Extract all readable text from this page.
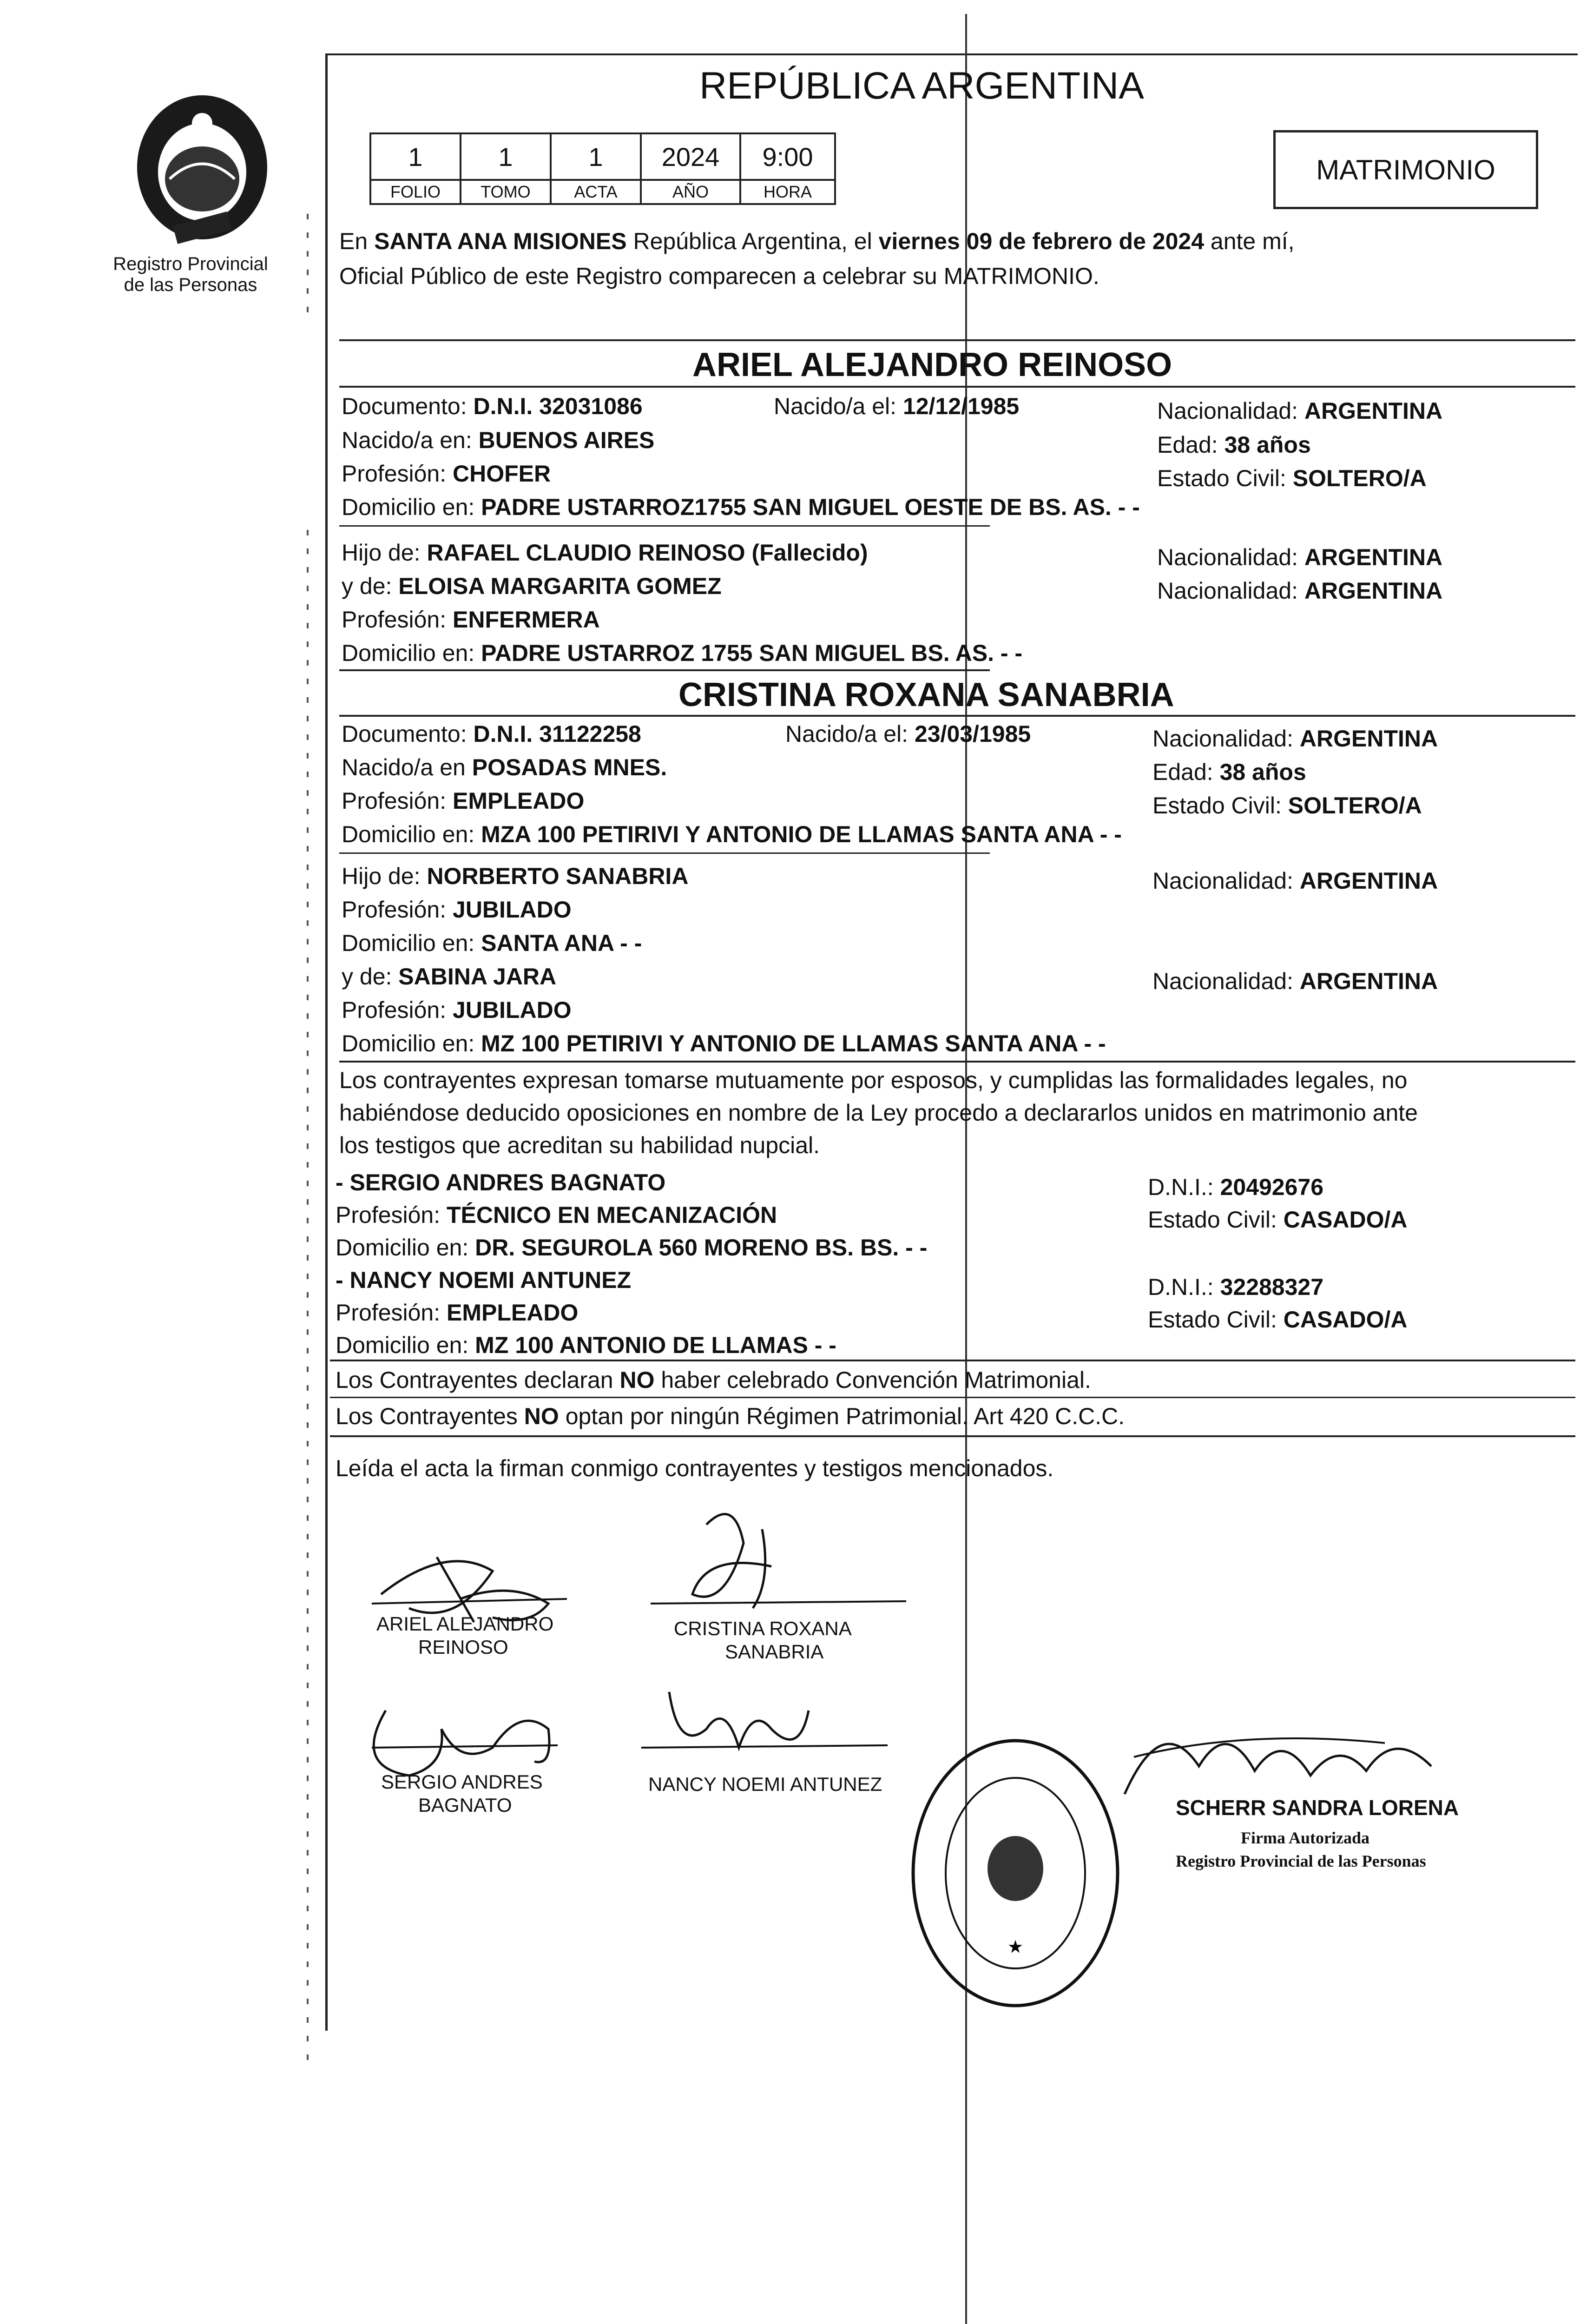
Registro Provincial
de las Personas
REPÚBLICA ARGENTINA
1	1	1	2024	9:00
FOLIO	TOMO	ACTA	AÑO	HORA
MATRIMONIO
En SANTA ANA MISIONES República Argentina, el viernes 09 de febrero de 2024 ante mí,
Oficial Público de este Registro comparecen a celebrar su MATRIMONIO.
ARIEL ALEJANDRO REINOSO
Documento: D.N.I. 32031086	Nacido/a el: 12/12/1985	Nacionalidad: ARGENTINA
Nacido/a en: BUENOS AIRES	Edad: 38 años
Profesión: CHOFER	Estado Civil: SOLTERO/A
Domicilio en: PADRE USTARROZ1755 SAN MIGUEL OESTE DE BS. AS. - -
Hijo de: RAFAEL CLAUDIO REINOSO (Fallecido)	Nacionalidad: ARGENTINA
y de: ELOISA MARGARITA GOMEZ	Nacionalidad: ARGENTINA
Profesión: ENFERMERA
Domicilio en: PADRE USTARROZ 1755 SAN MIGUEL BS. AS. - -
CRISTINA ROXANA SANABRIA
Documento: D.N.I. 31122258	Nacido/a el: 23/03/1985	Nacionalidad: ARGENTINA
Nacido/a en POSADAS MNES.	Edad: 38 años
Profesión: EMPLEADO	Estado Civil: SOLTERO/A
Domicilio en: MZA 100 PETIRIVI Y ANTONIO DE LLAMAS SANTA ANA - -
Hijo de: NORBERTO SANABRIA	Nacionalidad: ARGENTINA
Profesión: JUBILADO
Domicilio en: SANTA ANA - -
y de: SABINA JARA	Nacionalidad: ARGENTINA
Profesión: JUBILADO
Domicilio en: MZ 100 PETIRIVI Y ANTONIO DE LLAMAS SANTA ANA - -
Los contrayentes expresan tomarse mutuamente por esposos, y cumplidas las formalidades legales, no
habiéndose deducido oposiciones en nombre de la Ley procedo a declararlos unidos en matrimonio ante
los testigos que acreditan su habilidad nupcial.
- SERGIO ANDRES BAGNATO	D.N.I.: 20492676
Profesión: TÉCNICO EN MECANIZACIÓN	Estado Civil: CASADO/A
Domicilio en: DR. SEGUROLA 560 MORENO BS. BS. - -
- NANCY NOEMI ANTUNEZ	D.N.I.: 32288327
Profesión: EMPLEADO	Estado Civil: CASADO/A
Domicilio en: MZ 100 ANTONIO DE LLAMAS - -
Los Contrayentes declaran NO haber celebrado Convención Matrimonial.
Los Contrayentes NO optan por ningún Régimen Patrimonial. Art 420 C.C.C.
Leída el acta la firman conmigo contrayentes y testigos mencionados.
ARIEL ALEJANDRO
REINOSO
CRISTINA ROXANA
SANABRIA
SERGIO ANDRES
BAGNATO
NANCY NOEMI ANTUNEZ
★
SCHERR SANDRA LORENA
Firma Autorizada
Registro Provincial de las Personas
